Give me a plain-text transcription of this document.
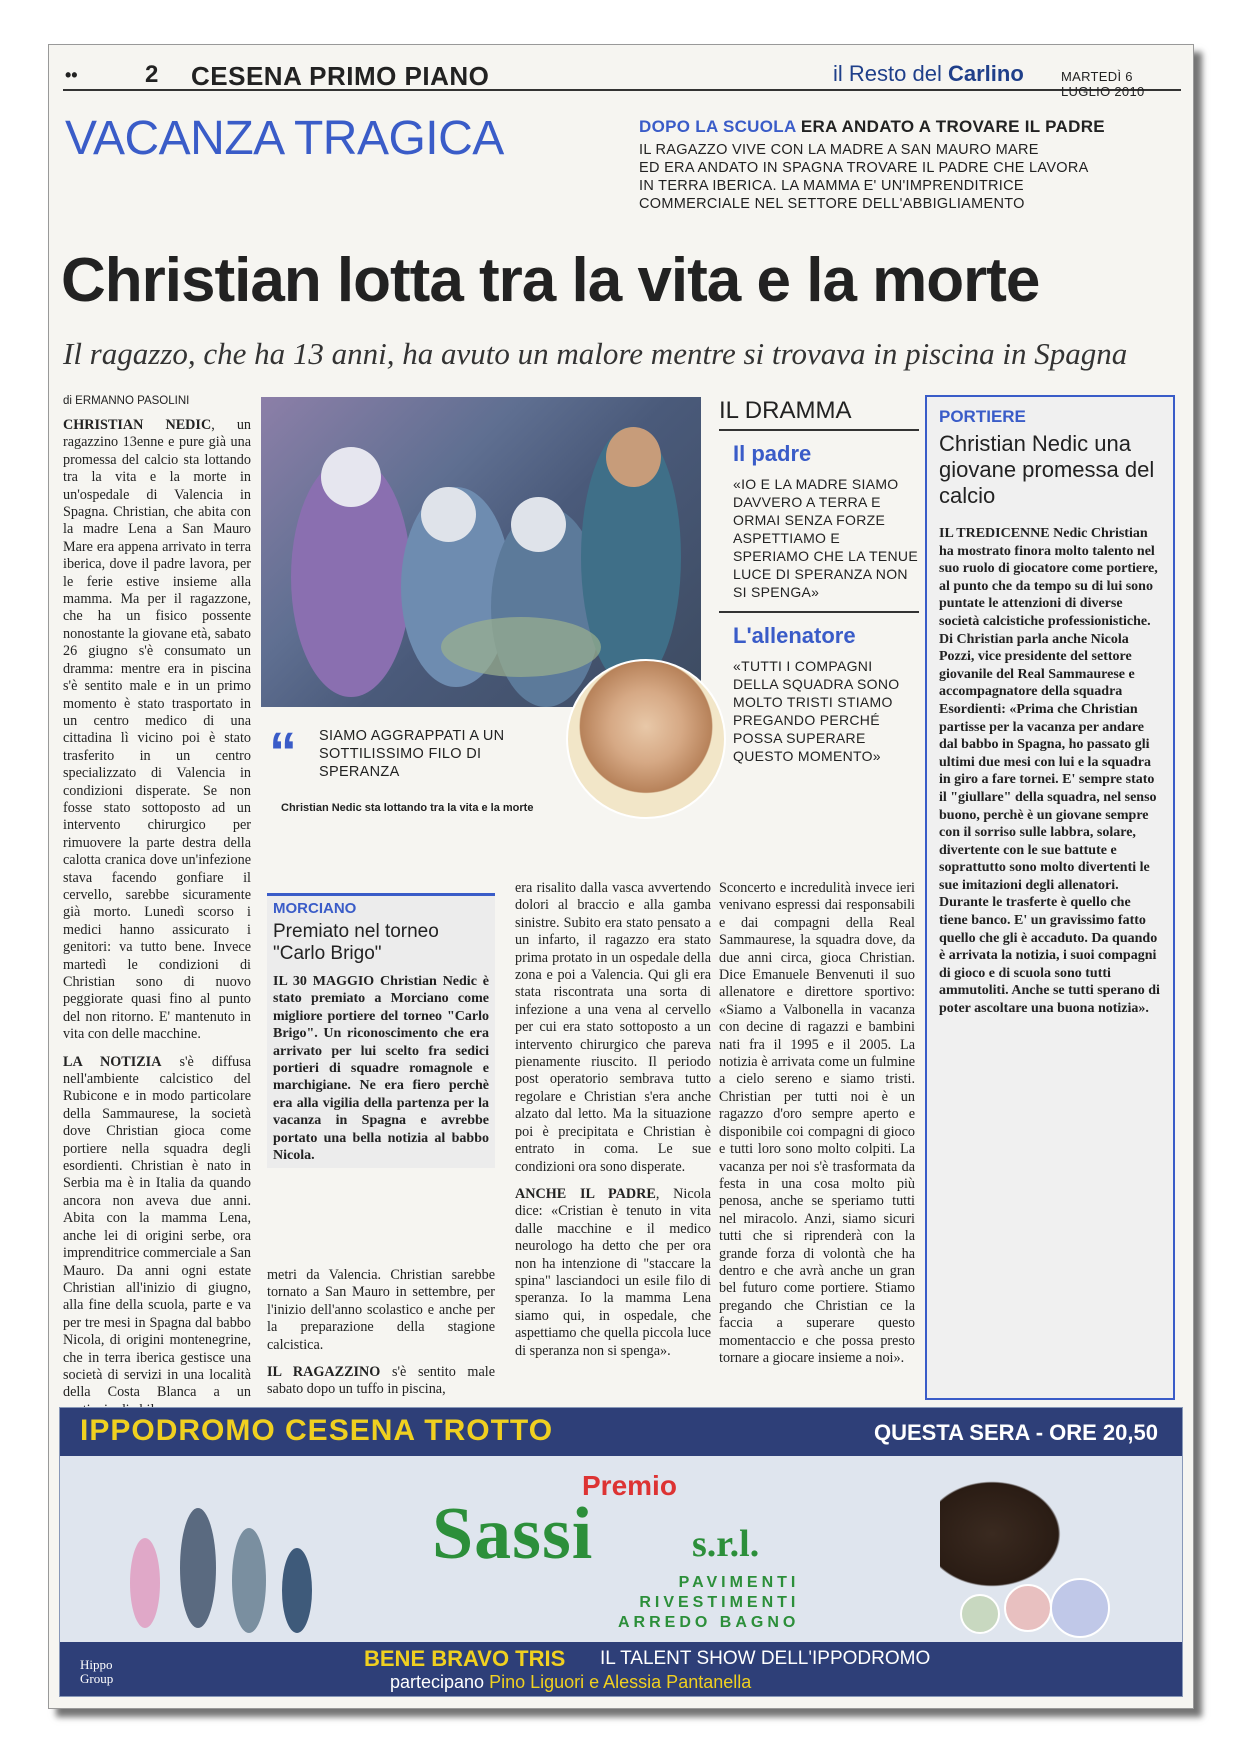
••	2 CESENA PRIMO PIANO	il Resto del Carlino	MARTEDÌ 6 LUGLIO 2010
VACANZA TRAGICA	DOPO LA SCUOLA ERA ANDATO A TROVARE IL PADRE
IL RAGAZZO VIVE CON LA MADRE A SAN MAURO MARE
ED ERA ANDATO IN SPAGNA TROVARE IL PADRE CHE LAVORA
IN TERRA IBERICA. LA MAMMA E' UN'IMPRENDITRICE
COMMERCIALE NEL SETTORE DELL'ABBIGLIAMENTO
Christian lotta tra la vita e la morte
Il ragazzo, che ha 13 anni, ha avuto un malore mentre si trovava in piscina in Spagna
di ERMANNO PASOLINI

CHRISTIAN NEDIC, un ragazzino 13enne e pure già una promessa del calcio sta lottando tra la vita e la morte in un'ospedale di Valencia in Spagna. Christian, che abita con la madre Lena a San Mauro Mare era appena arrivato in terra iberica, dove il padre lavora, per le ferie estive insieme alla mamma. Ma per il ragazzone, che ha un fisico possente nonostante la giovane età, sabato 26 giugno s'è consumato un dramma: mentre era in piscina s'è sentito male e in un primo momento è stato trasportato in un centro medico di una cittadina lì vicino poi è stato trasferito in un centro specializzato di Valencia in condizioni disperate. Se non fosse stato sottoposto ad un intervento chirurgico per rimuovere la parte destra della calotta cranica dove un'infezione stava facendo gonfiare il cervello, sarebbe sicuramente già morto. Lunedì scorso i medici hanno assicurato i genitori: va tutto bene. Invece martedì le condizioni di Christian sono di nuovo peggiorate quasi fino al punto del non ritorno. E' mantenuto in vita con delle macchine.

LA NOTIZIA s'è diffusa nell'ambiente calcistico del Rubicone e in modo particolare della Sammaurese, la società dove Christian gioca come portiere nella squadra degli esordienti. Christian è nato in Serbia ma è in Italia da quando ancora non aveva due anni. Abita con la mamma Lena, anche lei di origini serbe, ora imprenditrice commerciale a San Mauro. Da anni ogni estate Christian all'inizio di giugno, alla fine della scuola, parte e va per tre mesi in Spagna dal babbo Nicola, di origini montenegrine, che in terra iberica gestisce una società di servizi in una località della Costa Blanca a un

“ SIAMO AGGRAPPATI A UN SOTTILISSIMO FILO DI SPERANZA
Christian Nedic sta lottando tra la vita e la morte
IL DRAMMA
Il padre
«IO E LA MADRE SIAMO DAVVERO A TERRA E ORMAI SENZA FORZE ASPETTIAMO E SPERIAMO CHE LA TENUE LUCE DI SPERANZA NON SI SPENGA»
L'allenatore
«TUTTI I COMPAGNI DELLA SQUADRA SONO MOLTO TRISTI STIAMO PREGANDO PERCHÉ POSSA SUPERARE QUESTO MOMENTO»
PORTIERE
Christian Nedic una giovane promessa del calcio
IL TREDICENNE Nedic Christian ha mostrato finora molto talento nel suo ruolo di giocatore come portiere, al punto che da tempo su di lui sono puntate le attenzioni di diverse società calcistiche professionistiche. Di Christian parla anche Nicola Pozzi, vice presidente del settore giovanile del Real Sammaurese e accompagnatore della squadra Esordienti: «Prima che Christian partisse per la vacanza per andare dal babbo in Spagna, ho passato gli ultimi due mesi con lui e la squadra in giro a fare tornei. E' sempre stato il "giullare" della squadra, nel senso buono, perchè è un giovane sempre con il sorriso sulle labbra, solare, divertente con le sue battute e soprattutto sono molto divertenti le sue imitazioni degli allenatori. Durante le trasferte è quello che tiene banco. E' un gravissimo fatto quello che gli è accaduto. Da quando è arrivata la notizia, i suoi compagni di gioco e di scuola sono tutti ammutoliti. Anche se tutti sperano di poter ascoltare una buona notizia».
MORCIANO
Premiato nel torneo "Carlo Brigo"
IL 30 MAGGIO Christian Nedic è stato premiato a Morciano come migliore portiere del torneo "Carlo Brigo". Un riconoscimento che era arrivato per lui scelto fra sedici portieri di squadre romagnole e marchigiane. Ne era fiero perchè era alla vigilia della partenza per la vacanza in Spagna e avrebbe portato una bella notizia al babbo Nicola.

metri da Valencia. Christian sarebbe tornato a San Mauro in settembre, per l'inizio dell'anno scolastico e anche per la preparazione della stagione calcistica.

IL RAGAZZINO s'è sentito male sabato dopo un tuffo in piscina,

era risalito dalla vasca avvertendo dolori al braccio e alla gamba sinistre. Subito era stato pensato a un infarto, il ragazzo era stato prima protato in un ospedale della zona e poi a Valencia. Qui gli era stata riscontrata una sorta di infezione a una vena al cervello per cui era stato sottoposto a un intervento chirurgico che pareva pienamente riuscito. Il periodo post operatorio sembrava tutto regolare e Christian s'era anche alzato dal letto. Ma la situazione poi è precipitata e Christian è entrato in coma. Le sue condizioni ora sono disperate.

ANCHE IL PADRE, Nicola dice: «Cristian è tenuto in vita dalle macchine e il medico neurologo ha detto che per ora non ha intenzione di "staccare la spina" lasciandoci un esile filo di speranza. Io la mamma Lena siamo qui, in ospedale, che aspettiamo che quella piccola luce di speranza non si spenga».

Sconcerto e incredulità invece ieri venivano espressi dai responsabili e dai compagni della Real Sammaurese, la squadra dove, da due anni circa, gioca Christian. Dice Emanuele Benvenuti il suo allenatore e direttore sportivo: «Siamo a Valbonella in vacanza con decine di ragazzi e bambini nati fra il 1995 e il 2005. La notizia è arrivata come un fulmine a cielo sereno e siamo tristi. Christian per tutti noi è un ragazzo d'oro sempre aperto e disponibile coi compagni di gioco e tutti loro sono molto colpiti. La vacanza per noi s'è trasformata da festa in una cosa molto più penosa, anche se speriamo tutti nel miracolo. Anzi, siamo sicuri tutti che si riprenderà con la grande forza di volontà che ha dentro e che avrà anche un gran bel futuro come portiere. Stiamo pregando che Christian ce la faccia a superare questo momentaccio e che possa presto tornare a giocare insieme a noi».

IPPODROMO CESENA TROTTO	QUESTA SERA - ORE 20,50
Premio
Sassi	s.r.l.
PAVIMENTI
RIVESTIMENTI
ARREDO BAGNO
BENE BRAVO TRIS IL TALENT SHOW DELL'IPPODROMO
partecipano Pino Liguori e Alessia Pantanella
Hippo
Group
